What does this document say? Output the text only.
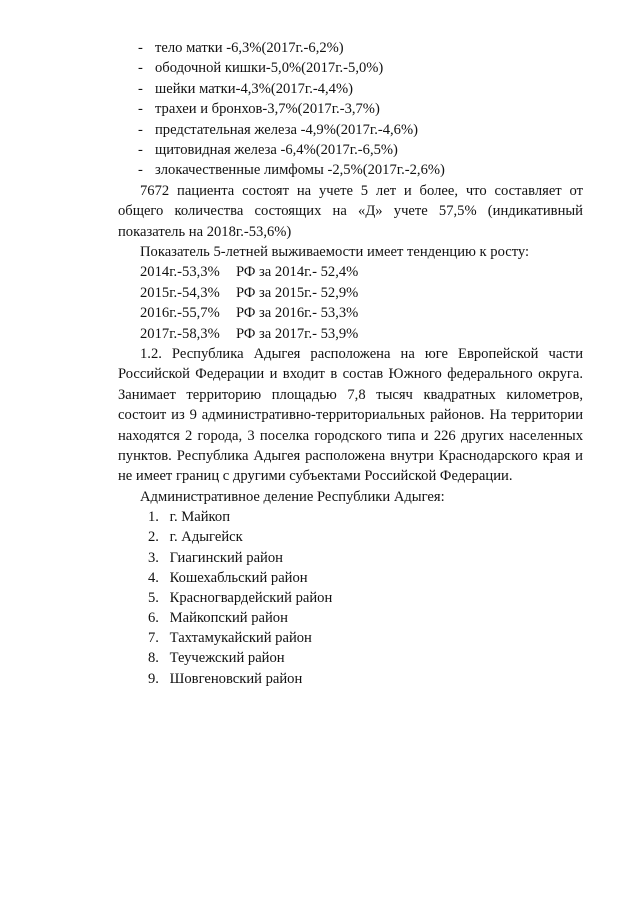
- тело матки -6,3%(2017г.-6,2%)
- ободочной кишки-5,0%(2017г.-5,0%)
- шейки матки-4,3%(2017г.-4,4%)
- трахеи и бронхов-3,7%(2017г.-3,7%)
- предстательная железа -4,9%(2017г.-4,6%)
- щитовидная железа -6,4%(2017г.-6,5%)
- злокачественные лимфомы -2,5%(2017г.-2,6%)

7672 пациента состоят на учете 5 лет и более, что составляет от общего количества состоящих на «Д» учете 57,5% (индикативный показатель на 2018г.-53,6%)

Показатель 5-летней выживаемости имеет тенденцию к росту:
2014г.-53,3% РФ за 2014г.- 52,4%
2015г.-54,3% РФ за 2015г.- 52,9%
2016г.-55,7% РФ за 2016г.- 53,3%
2017г.-58,3% РФ за 2017г.- 53,9%

1.2. Республика Адыгея расположена на юге Европейской части Российской Федерации и входит в состав Южного федерального округа. Занимает территорию площадью 7,8 тысяч квадратных километров, состоит из 9 административно-территориальных районов. На территории находятся 2 города, 3 поселка городского типа и 226 других населенных пунктов. Республика Адыгея расположена внутри Краснодарского края и не имеет границ с другими субъектами Российской Федерации.

Административное деление Республики Адыгея:
1. г. Майкоп
2. г. Адыгейск
3. Гиагинский район
4. Кошехабльский район
5. Красногвардейский район
6. Майкопский район
7. Тахтамукайский район
8. Теучежский район
9. Шовгеновский район
